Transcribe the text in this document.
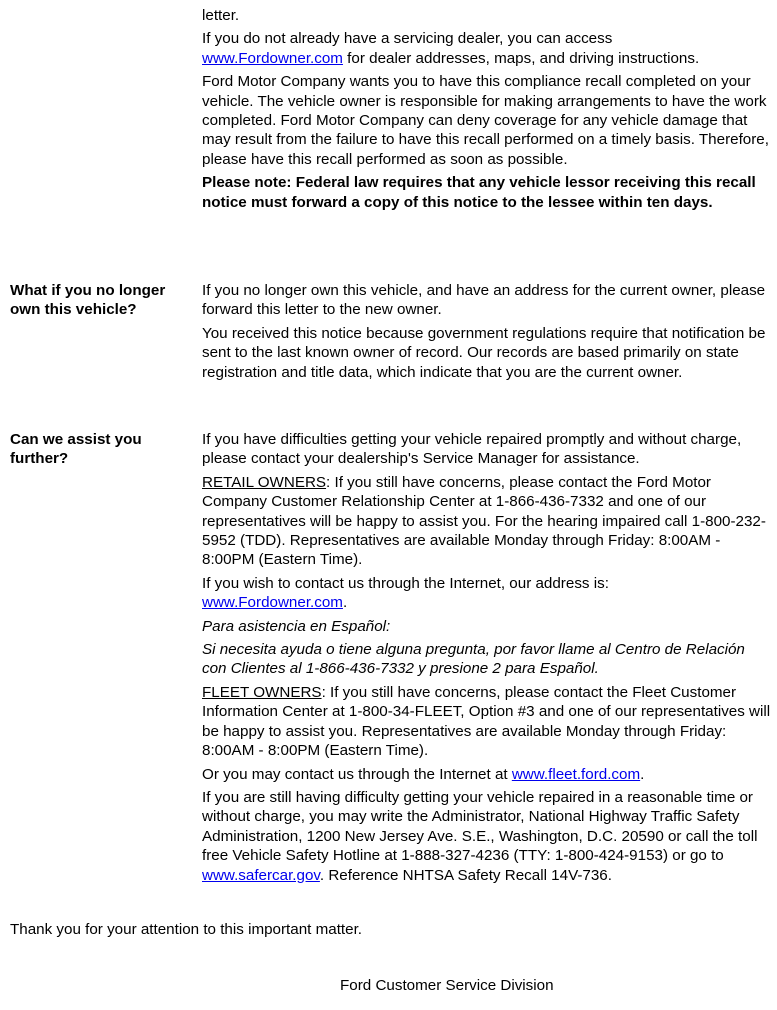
letter.

If you do not already have a servicing dealer, you can access
www.Fordowner.com for dealer addresses, maps, and driving instructions.

Ford Motor Company wants you to have this compliance recall completed on your vehicle. The vehicle owner is responsible for making arrangements to have the work completed. Ford Motor Company can deny coverage for any vehicle damage that may result from the failure to have this recall performed on a timely basis. Therefore, please have this recall performed as soon as possible.

Please note: Federal law requires that any vehicle lessor receiving this recall notice must forward a copy of this notice to the lessee within ten days.

What if you no longer own this vehicle?

If you no longer own this vehicle, and have an address for the current owner, please forward this letter to the new owner.

You received this notice because government regulations require that notification be sent to the last known owner of record. Our records are based primarily on state registration and title data, which indicate that you are the current owner.

Can we assist you further?

If you have difficulties getting your vehicle repaired promptly and without charge, please contact your dealership's Service Manager for assistance.

RETAIL OWNERS: If you still have concerns, please contact the Ford Motor Company Customer Relationship Center at 1-866-436-7332 and one of our representatives will be happy to assist you. For the hearing impaired call 1-800-232-5952 (TDD). Representatives are available Monday through Friday: 8:00AM - 8:00PM (Eastern Time).

If you wish to contact us through the Internet, our address is:
www.Fordowner.com.

Para asistencia en Español:

Si necesita ayuda o tiene alguna pregunta, por favor llame al Centro de Relación con Clientes al 1-866-436-7332 y presione 2 para Español.

FLEET OWNERS: If you still have concerns, please contact the Fleet Customer Information Center at 1-800-34-FLEET, Option #3 and one of our representatives will be happy to assist you. Representatives are available Monday through Friday: 8:00AM - 8:00PM (Eastern Time).

Or you may contact us through the Internet at www.fleet.ford.com.

If you are still having difficulty getting your vehicle repaired in a reasonable time or without charge, you may write the Administrator, National Highway Traffic Safety Administration, 1200 New Jersey Ave. S.E., Washington, D.C. 20590 or call the toll free Vehicle Safety Hotline at 1-888-327-4236 (TTY: 1-800-424-9153) or go to www.safercar.gov. Reference NHTSA Safety Recall 14V-736.

Thank you for your attention to this important matter.
Ford Customer Service Division
